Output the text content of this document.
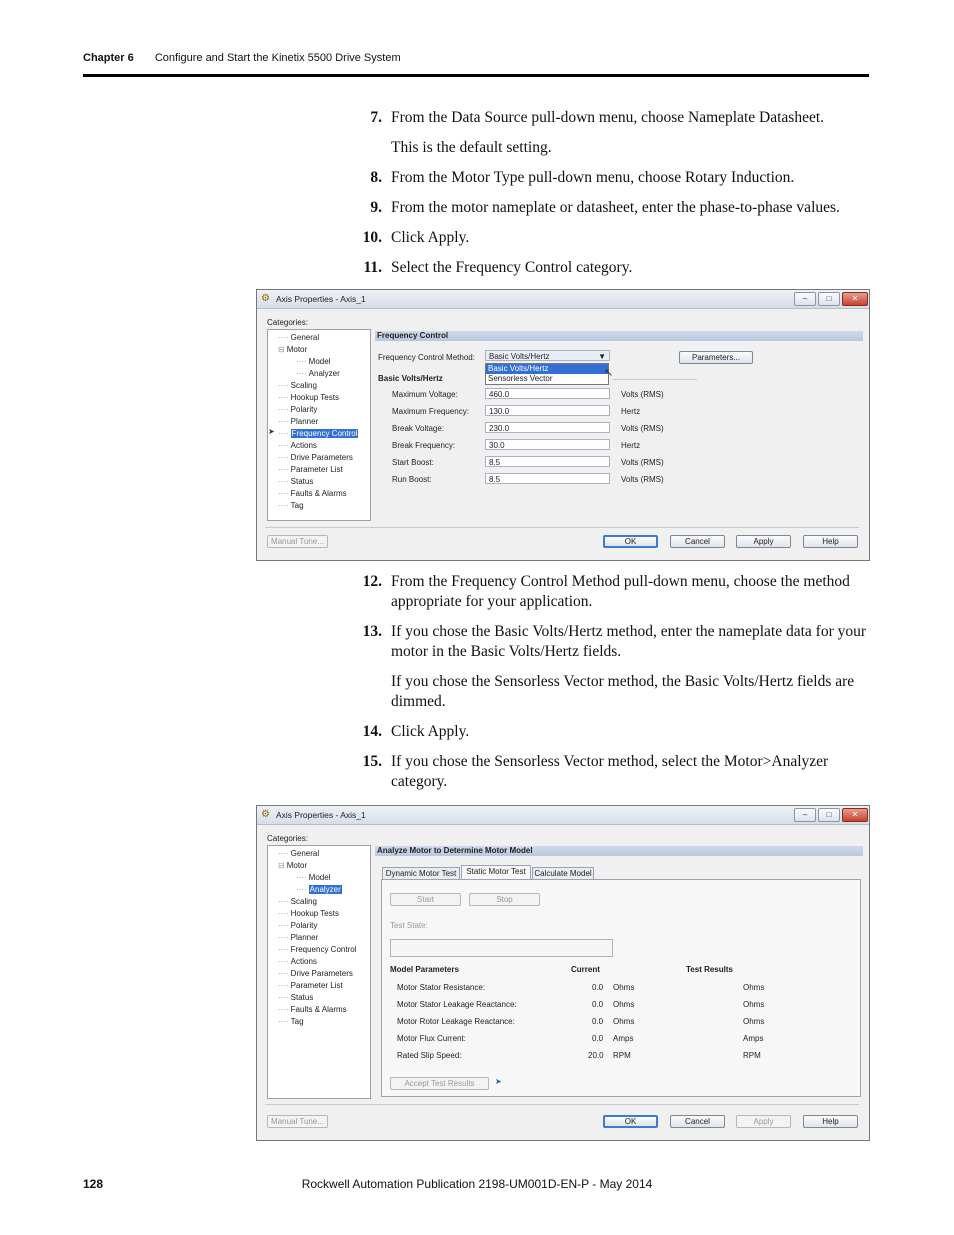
Chapter 6 Configure and Start the Kinetix 5500 Drive System
7. From the Data Source pull-down menu, choose Nameplate Datasheet.
This is the default setting.
8. From the Motor Type pull-down menu, choose Rotary Induction.
9. From the motor nameplate or datasheet, enter the phase-to-phase values.
10. Click Apply.
11. Select the Frequency Control category.
⚙ Axis Properties - Axis_1	–	□	✕
Categories:
···· General
⊟ Motor
···· Model
···· Analyzer
···· Scaling
···· Hookup Tests
···· Polarity
···· Planner
···· Frequency Control
···· Actions
···· Drive Parameters
···· Parameter List
···· Status
···· Faults & Alarms
···· Tag
➤
Frequency Control
Frequency Control Method:	Basic Volts/Hertz	▼
Basic Volts/Hertz
Sensorless Vector	↖
Parameters...
Basic Volts/Hertz
Maximum Voltage:	460.0	Volts (RMS)
Maximum Frequency:	130.0	Hertz
Break Voltage:	230.0	Volts (RMS)
Break Frequency:	30.0	Hertz
Start Boost:	8.5	Volts (RMS)
Run Boost:	8.5	Volts (RMS)
Manual Tune...	OK	Cancel	Apply	Help
12. From the Frequency Control Method pull-down menu, choose the method appropriate for your application.
13. If you chose the Basic Volts/Hertz method, enter the nameplate data for your motor in the Basic Volts/Hertz fields.
If you chose the Sensorless Vector method, the Basic Volts/Hertz fields are dimmed.
14. Click Apply.
15. If you chose the Sensorless Vector method, select the Motor>Analyzer category.
⚙ Axis Properties - Axis_1	–	□	✕
Categories:
···· General
⊟ Motor
···· Model
···· Analyzer
···· Scaling
···· Hookup Tests
···· Polarity
···· Planner
···· Frequency Control
···· Actions
···· Drive Parameters
···· Parameter List
···· Status
···· Faults & Alarms
···· Tag
Analyze Motor to Determine Motor Model
Dynamic Motor Test	Static Motor Test	Calculate Model
Start	Stop
Test State:
Model Parameters	Current	Test Results
Motor Stator Resistance:	0.0 Ohms	Ohms
Motor Stator Leakage Reactance:	0.0 Ohms	Ohms
Motor Rotor Leakage Reactance:	0.0 Ohms	Ohms
Motor Flux Current:	0.0 Amps	Amps
Rated Slip Speed:	20.0 RPM	RPM
Accept Test Results	➤
Manual Tune...	OK	Cancel	Apply	Help
128	Rockwell Automation Publication 2198-UM001D-EN-P - May 2014
